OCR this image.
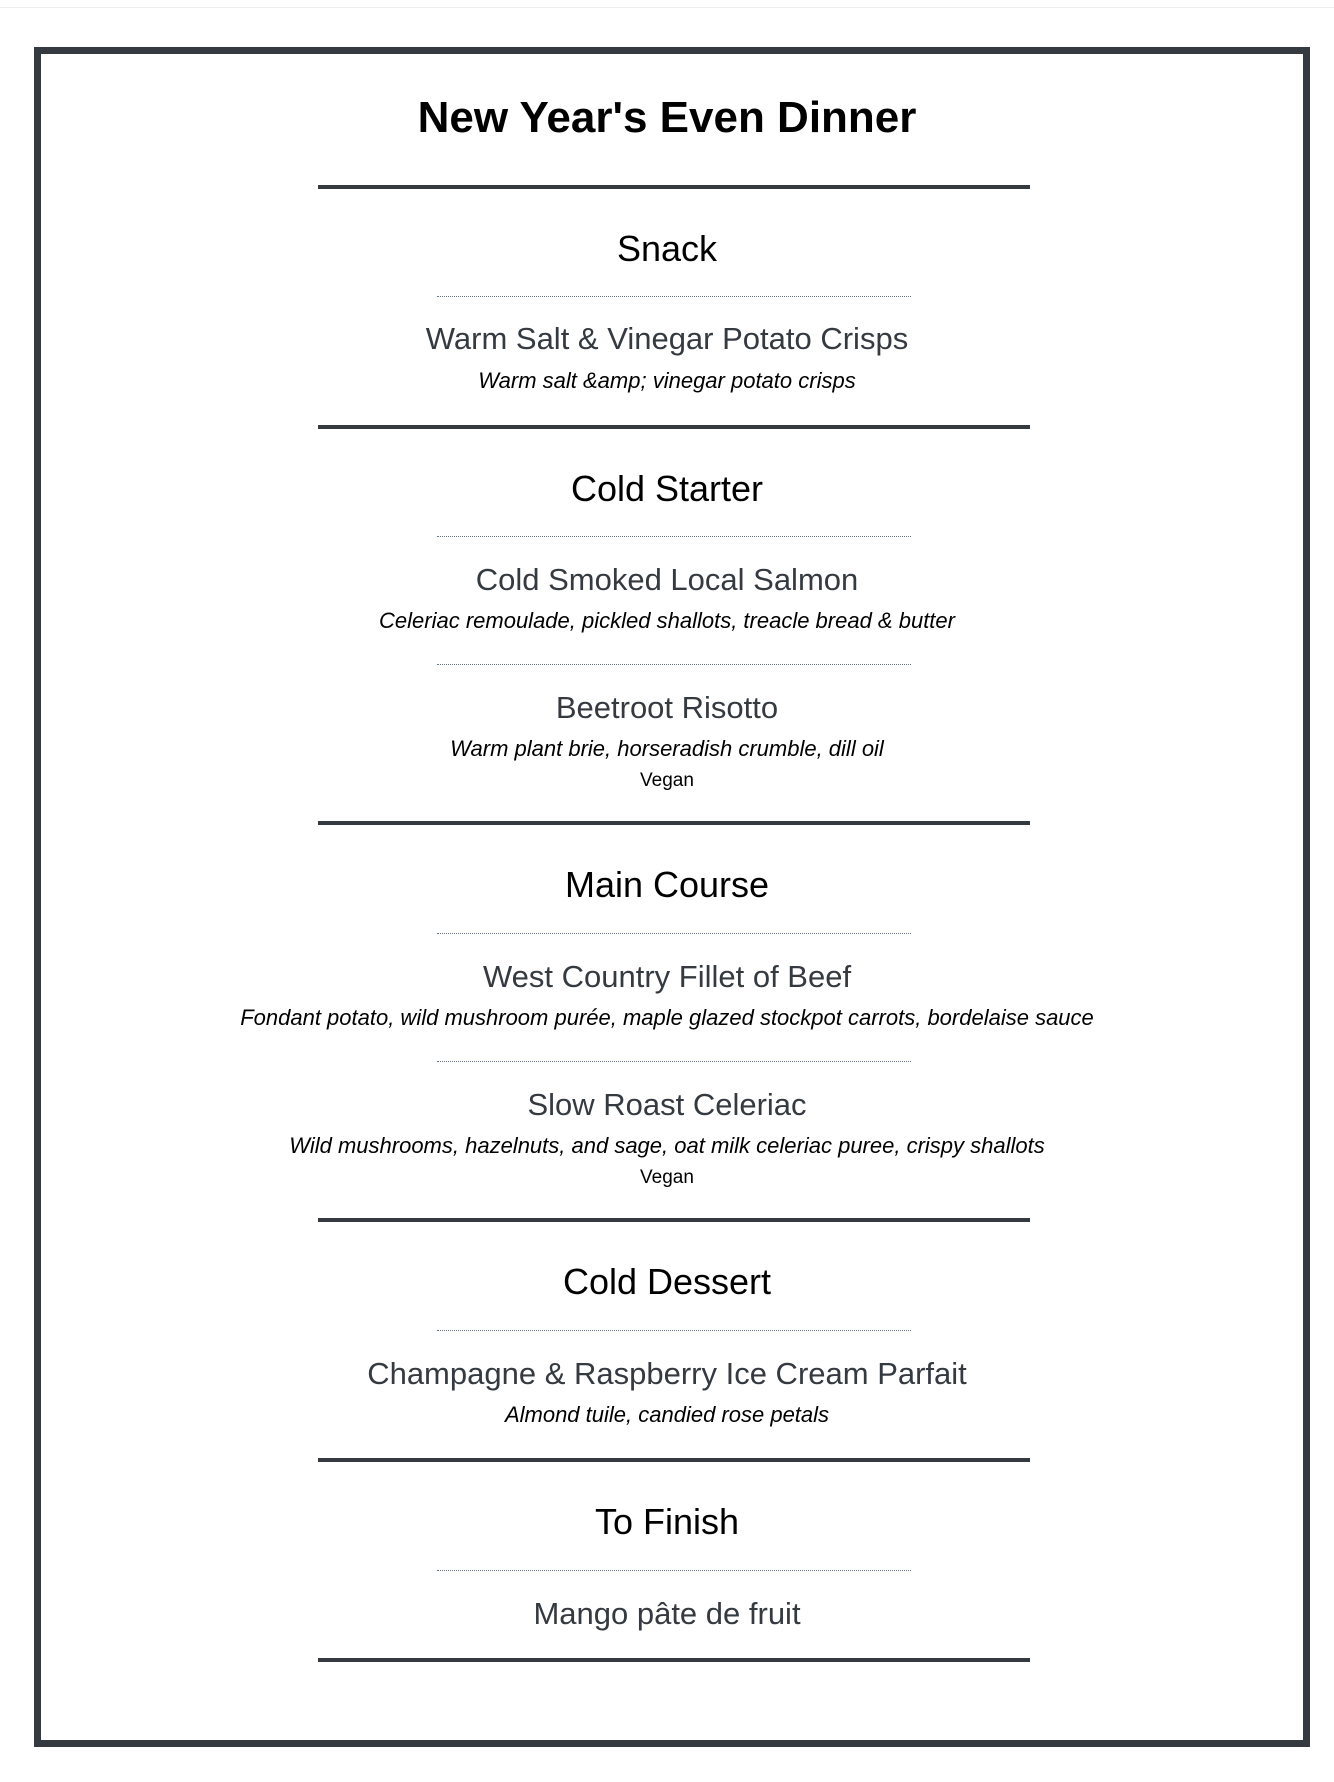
New Year's Even Dinner
Snack
Warm Salt & Vinegar Potato Crisps
Warm salt &amp; vinegar potato crisps
Cold Starter
Cold Smoked Local Salmon
Celeriac remoulade, pickled shallots, treacle bread & butter
Beetroot Risotto
Warm plant brie, horseradish crumble, dill oil
Vegan
Main Course
West Country Fillet of Beef
Fondant potato, wild mushroom purée, maple glazed stockpot carrots, bordelaise sauce
Slow Roast Celeriac
Wild mushrooms, hazelnuts, and sage, oat milk celeriac puree, crispy shallots
Vegan
Cold Dessert
Champagne & Raspberry Ice Cream Parfait
Almond tuile, candied rose petals
To Finish
Mango pâte de fruit
